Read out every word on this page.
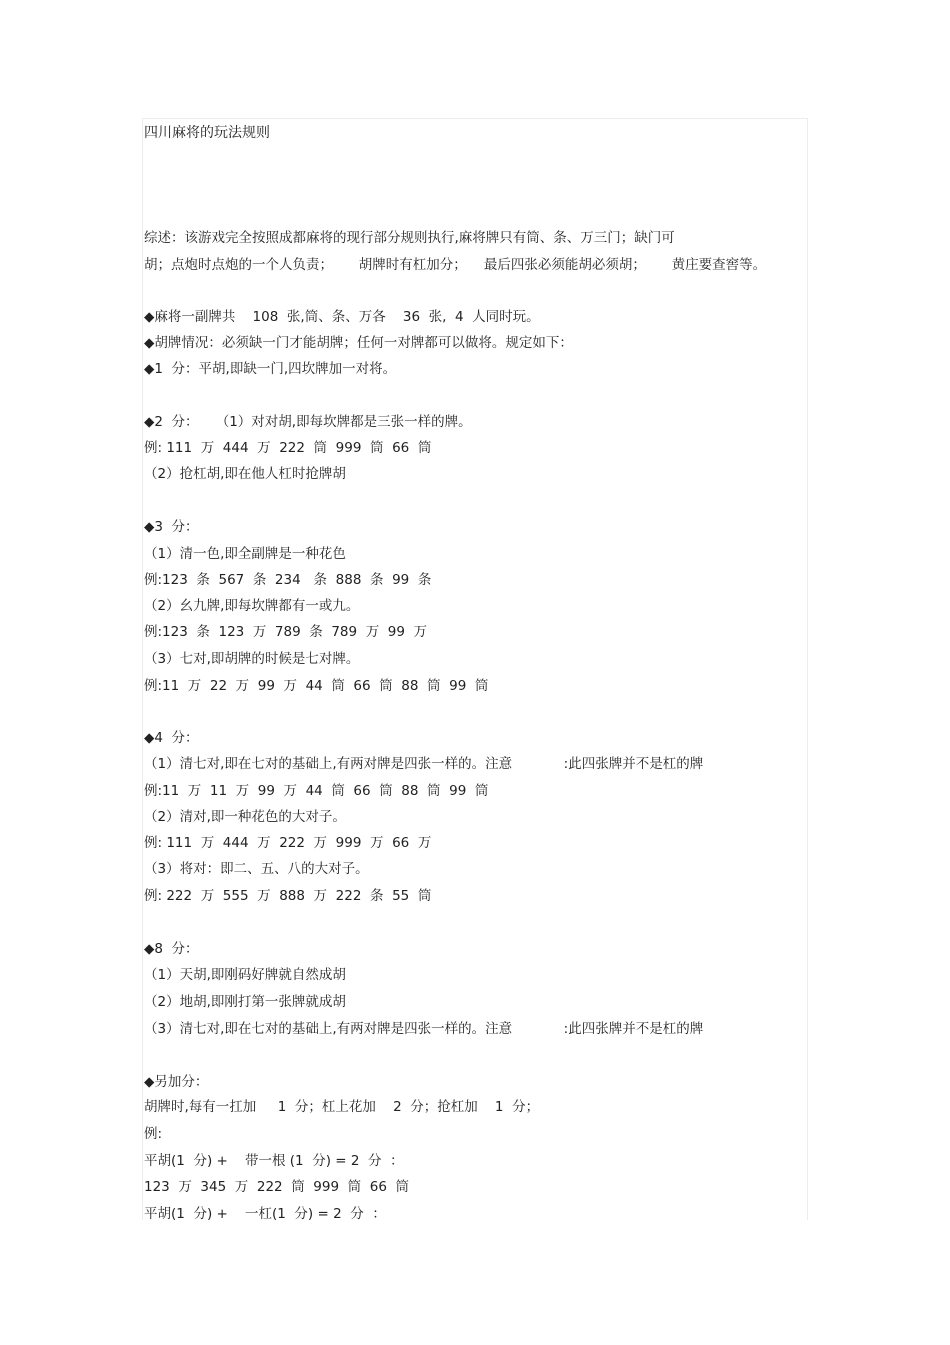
四川麻将的玩法规则
综述：该游戏完全按照成都麻将的现行部分规则执行,麻将牌只有筒、条、万三门；缺门可
胡；点炮时点炮的一个人负责；      胡牌时有杠加分；    最后四张必须能胡必须胡；      黄庄要查窖等。
◆麻将一副牌共    108  张,筒、条、万各    36  张,  4  人同时玩。
◆胡牌情况：必须缺一门才能胡牌；任何一对牌都可以做将。规定如下：
◆1  分：平胡,即缺一门,四坎牌加一对将。
◆2  分：    （1）对对胡,即每坎牌都是三张一样的牌。
例: 111  万  444  万  222  筒  999  筒  66  筒
（2）抢杠胡,即在他人杠时抢牌胡
◆3  分：
（1）清一色,即全副牌是一种花色
例:123  条  567  条  234   条  888  条  99  条
（2）幺九牌,即每坎牌都有一或九。
例:123  条  123  万  789  条  789  万  99  万
（3）七对,即胡牌的时候是七对牌。
例:11  万  22  万  99  万  44  筒  66  筒  88  筒  99  筒
◆4  分：
（1）清七对,即在七对的基础上,有两对牌是四张一样的。注意            :此四张牌并不是杠的牌
例:11  万  11  万  99  万  44  筒  66  筒  88  筒  99  筒
（2）清对,即一种花色的大对子。
例: 111  万  444  万  222  万  999  万  66  万
（3）将对：即二、五、八的大对子。
例: 222  万  555  万  888  万  222  条  55  筒
◆8  分：
（1）天胡,即刚码好牌就自然成胡
（2）地胡,即刚打第一张牌就成胡
（3）清七对,即在七对的基础上,有两对牌是四张一样的。注意            :此四张牌并不是杠的牌
◆另加分：
胡牌时,每有一扛加     1  分；杠上花加    2  分；抢杠加    1  分；
例:
平胡(1  分) +    带一根 (1  分) = 2  分  ：
123  万  345  万  222  筒  999  筒  66  筒
平胡(1  分) +    一杠(1  分) = 2  分  ：
